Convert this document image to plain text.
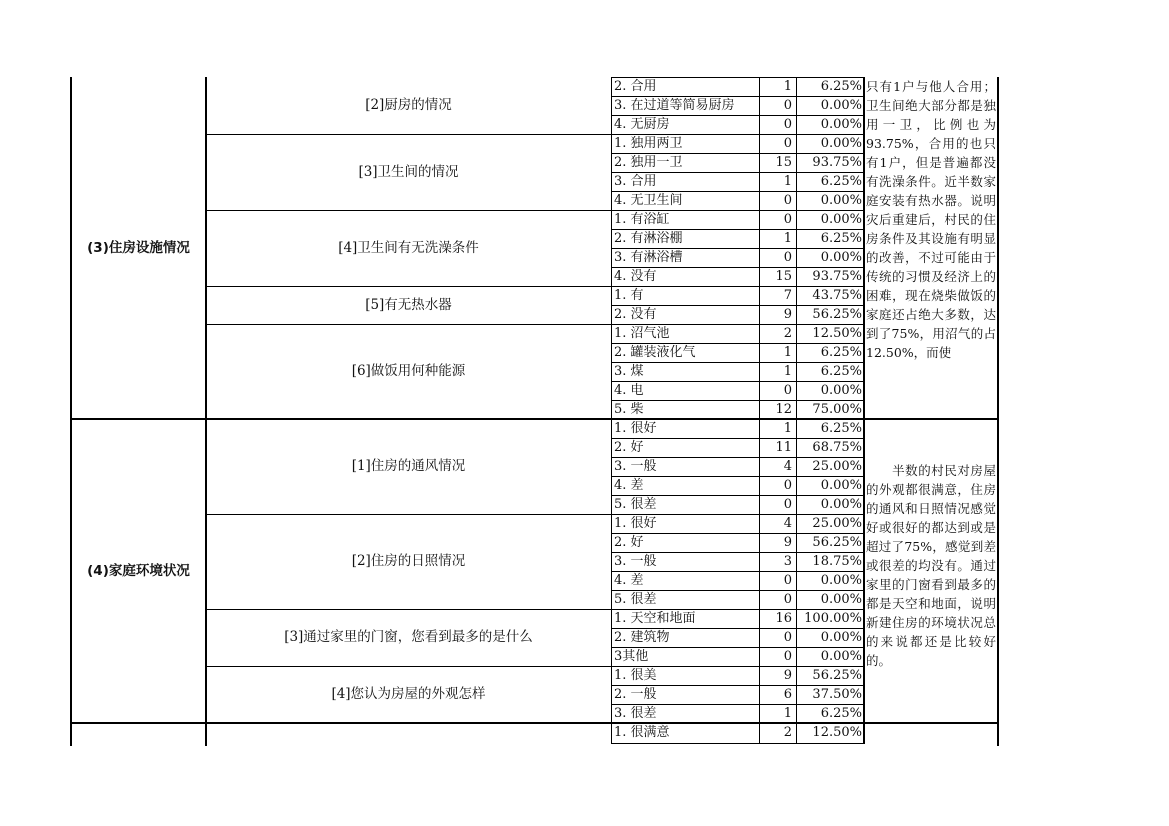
(3)住房设施情况
只有1户与他人合用；卫生间绝大部分都是独用一卫，比例也为93.75%，合用的也只有1户，但是普遍都没有洗澡条件。近半数家庭安装有热水器。说明灾后重建后，村民的住房条件及其设施有明显的改善，不过可能由于传统的习惯及经济上的困难，现在烧柴做饭的家庭还占绝大多数，达到了75%，用沼气的占12.50%，而使
[2]厨房的情况
2. 合用	1	6.25%
3. 在过道等简易厨房	0	0.00%
4. 无厨房	0	0.00%
[3]卫生间的情况
1. 独用两卫	0	0.00%
2. 独用一卫	15	93.75%
3. 合用	1	6.25%
4. 无卫生间	0	0.00%
[4]卫生间有无洗澡条件
1. 有浴缸	0	0.00%
2. 有淋浴棚	1	6.25%
3. 有淋浴槽	0	0.00%
4. 没有	15	93.75%
[5]有无热水器
1. 有	7	43.75%
2. 没有	9	56.25%
[6]做饭用何种能源
1. 沼气池	2	12.50%
2. 罐装液化气	1	6.25%
3. 煤	1	6.25%
4. 电	0	0.00%
5. 柴	12	75.00%
(4)家庭环境状况
　　半数的村民对房屋的外观都很满意，住房的通风和日照情况感觉好或很好的都达到或是超过了75%，感觉到差或很差的均没有。通过家里的门窗看到最多的都是天空和地面，说明新建住房的环境状况总的来说都还是比较好的。
[1]住房的通风情况
1. 很好	1	6.25%
2. 好	11	68.75%
3. 一般	4	25.00%
4. 差	0	0.00%
5. 很差	0	0.00%
[2]住房的日照情况
1. 很好	4	25.00%
2. 好	9	56.25%
3. 一般	3	18.75%
4. 差	0	0.00%
5. 很差	0	0.00%
[3]通过家里的门窗，您看到最多的是什么
1. 天空和地面	16 100.00%
2. 建筑物	0	0.00%
3其他	0	0.00%
[4]您认为房屋的外观怎样
1. 很美	9	56.25%
2. 一般	6	37.50%
3. 很差	1	6.25%
1. 很满意	2	12.50%
